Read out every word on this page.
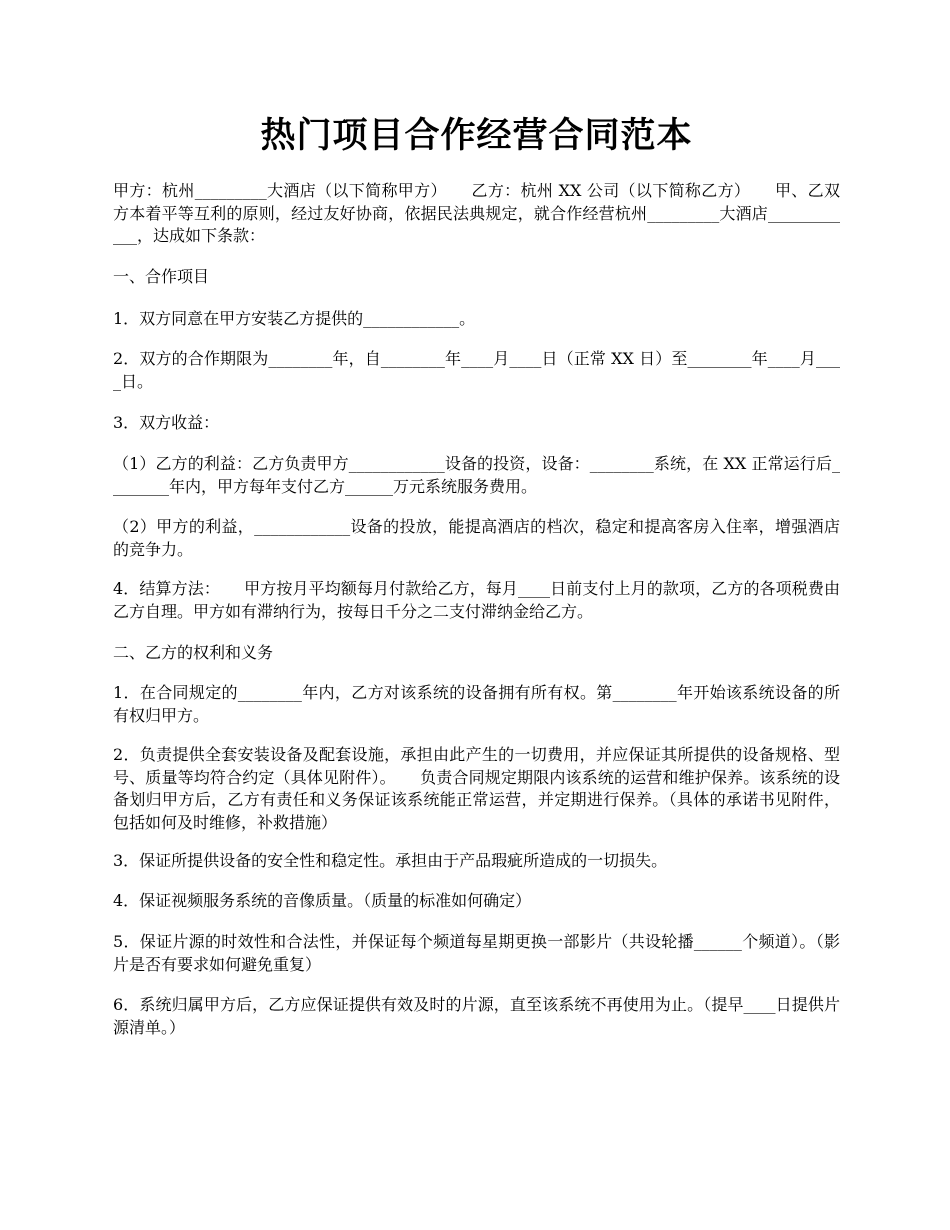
热门项目合作经营合同范本

甲方：杭州_________大酒店（以下简称甲方）　　乙方：杭州 XX 公司（以下简称乙方）　　甲、乙双方本着平等互利的原则，经过友好协商，依据民法典规定，就合作经营杭州_________大酒店____________，达成如下条款：

一、合作项目

1．双方同意在甲方安装乙方提供的____________。

2．双方的合作期限为________年，自________年____月____日（正常 XX 日）至________年____月____日。

3．双方收益：

（1）乙方的利益：乙方负责甲方____________设备的投资，设备：________系统，在 XX 正常运行后________年内，甲方每年支付乙方______万元系统服务费用。

（2）甲方的利益，____________设备的投放，能提高酒店的档次，稳定和提高客房入住率，增强酒店的竞争力。

4．结算方法：　　甲方按月平均额每月付款给乙方，每月____日前支付上月的款项，乙方的各项税费由乙方自理。甲方如有滞纳行为，按每日千分之二支付滞纳金给乙方。

二、乙方的权利和义务

1．在合同规定的________年内，乙方对该系统的设备拥有所有权。第________年开始该系统设备的所有权归甲方。

2．负责提供全套安装设备及配套设施，承担由此产生的一切费用，并应保证其所提供的设备规格、型号、质量等均符合约定（具体见附件）。　　负责合同规定期限内该系统的运营和维护保养。该系统的设备划归甲方后，乙方有责任和义务保证该系统能正常运营，并定期进行保养。（具体的承诺书见附件，包括如何及时维修，补救措施）

3．保证所提供设备的安全性和稳定性。承担由于产品瑕疵所造成的一切损失。

4．保证视频服务系统的音像质量。（质量的标准如何确定）

5．保证片源的时效性和合法性，并保证每个频道每星期更换一部影片（共设轮播______个频道）。（影片是否有要求如何避免重复）

6．系统归属甲方后，乙方应保证提供有效及时的片源，直至该系统不再使用为止。（提早____日提供片源清单。）
